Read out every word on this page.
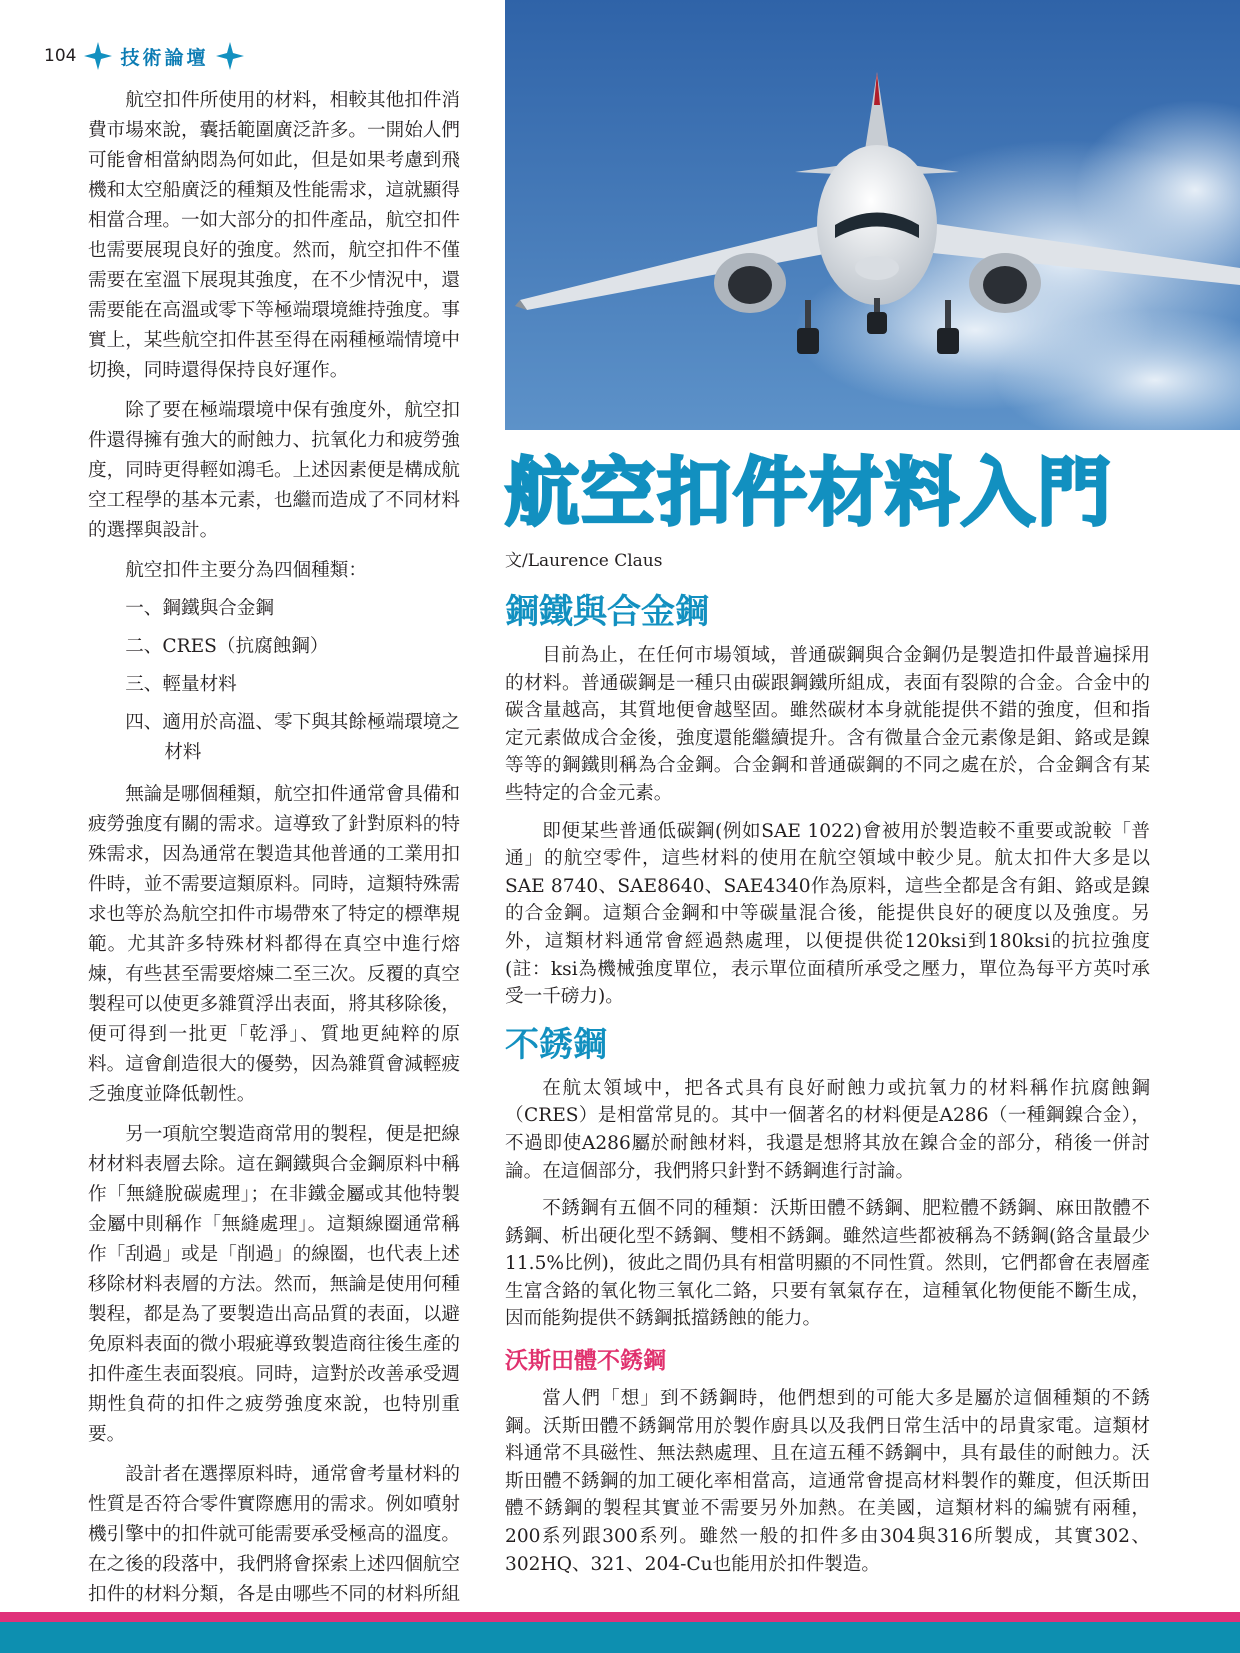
104 技術論壇

航空扣件所使用的材料，相較其他扣件消費市場來說，囊括範圍廣泛許多。一開始人們可能會相當納悶為何如此，但是如果考慮到飛機和太空船廣泛的種類及性能需求，這就顯得相當合理。一如大部分的扣件產品，航空扣件也需要展現良好的強度。然而，航空扣件不僅需要在室溫下展現其強度，在不少情況中，還需要能在高溫或零下等極端環境維持強度。事實上，某些航空扣件甚至得在兩種極端情境中切換，同時還得保持良好運作。

除了要在極端環境中保有強度外，航空扣件還得擁有強大的耐蝕力、抗氧化力和疲勞強度，同時更得輕如鴻毛。上述因素便是構成航空工程學的基本元素，也繼而造成了不同材料的選擇與設計。

航空扣件主要分為四個種類：
一、鋼鐵與合金鋼
二、CRES（抗腐蝕鋼）
三、輕量材料
四、適用於高溫、零下與其餘極端環境之材料

無論是哪個種類，航空扣件通常會具備和疲勞強度有關的需求。這導致了針對原料的特殊需求，因為通常在製造其他普通的工業用扣件時，並不需要這類原料。同時，這類特殊需求也等於為航空扣件市場帶來了特定的標準規範。尤其許多特殊材料都得在真空中進行熔煉，有些甚至需要熔煉二至三次。反覆的真空製程可以使更多雜質浮出表面，將其移除後，便可得到一批更「乾淨」、質地更純粹的原料。這會創造很大的優勢，因為雜質會減輕疲乏強度並降低韌性。

另一項航空製造商常用的製程，便是把線材材料表層去除。這在鋼鐵與合金鋼原料中稱作「無縫脫碳處理」；在非鐵金屬或其他特製金屬中則稱作「無縫處理」。這類線圈通常稱作「刮過」或是「削過」的線圈，也代表上述移除材料表層的方法。然而，無論是使用何種製程，都是為了要製造出高品質的表面，以避免原料表面的微小瑕疵導致製造商往後生產的扣件產生表面裂痕。同時，這對於改善承受週期性負荷的扣件之疲勞強度來說，也特別重要。

設計者在選擇原料時，通常會考量材料的性質是否符合零件實際應用的需求。例如噴射機引擎中的扣件就可能需要承受極高的溫度。在之後的段落中，我們將會探索上述四個航空扣件的材料分類，各是由哪些不同的材料所組

航空扣件材料入門
文/Laurence Claus
鋼鐵與合金鋼

目前為止，在任何市場領域，普通碳鋼與合金鋼仍是製造扣件最普遍採用的材料。普通碳鋼是一種只由碳跟鋼鐵所組成，表面有裂隙的合金。合金中的碳含量越高，其質地便會越堅固。雖然碳材本身就能提供不錯的強度，但和指定元素做成合金後，強度還能繼續提升。含有微量合金元素像是鉬、鉻或是鎳等等的鋼鐵則稱為合金鋼。合金鋼和普通碳鋼的不同之處在於，合金鋼含有某些特定的合金元素。

即便某些普通低碳鋼(例如SAE 1022)會被用於製造較不重要或說較「普通」的航空零件，這些材料的使用在航空領域中較少見。航太扣件大多是以SAE 8740、SAE8640、SAE4340作為原料，這些全都是含有鉬、鉻或是鎳的合金鋼。這類合金鋼和中等碳量混合後，能提供良好的硬度以及強度。另外，這類材料通常會經過熱處理，以便提供從120ksi到180ksi的抗拉強度(註：ksi為機械強度單位，表示單位面積所承受之壓力，單位為每平方英吋承受一千磅力)。

不銹鋼

在航太領域中，把各式具有良好耐蝕力或抗氧力的材料稱作抗腐蝕鋼（CRES）是相當常見的。其中一個著名的材料便是A286（一種鋼鎳合金），不過即使A286屬於耐蝕材料，我還是想將其放在鎳合金的部分，稍後一併討論。在這個部分，我們將只針對不銹鋼進行討論。

不銹鋼有五個不同的種類：沃斯田體不銹鋼、肥粒體不銹鋼、麻田散體不銹鋼、析出硬化型不銹鋼、雙相不銹鋼。雖然這些都被稱為不銹鋼(鉻含量最少11.5%比例)，彼此之間仍具有相當明顯的不同性質。然則，它們都會在表層產生富含鉻的氧化物三氧化二鉻，只要有氧氣存在，這種氧化物便能不斷生成，因而能夠提供不銹鋼抵擋銹蝕的能力。

沃斯田體不銹鋼

當人們「想」到不銹鋼時，他們想到的可能大多是屬於這個種類的不銹鋼。沃斯田體不銹鋼常用於製作廚具以及我們日常生活中的昂貴家電。這類材料通常不具磁性、無法熱處理、且在這五種不銹鋼中，具有最佳的耐蝕力。沃斯田體不銹鋼的加工硬化率相當高，這通常會提高材料製作的難度，但沃斯田體不銹鋼的製程其實並不需要另外加熱。在美國，這類材料的編號有兩種，200系列跟300系列。雖然一般的扣件多由304與316所製成，其實302、302HQ、321、204-Cu也能用於扣件製造。
